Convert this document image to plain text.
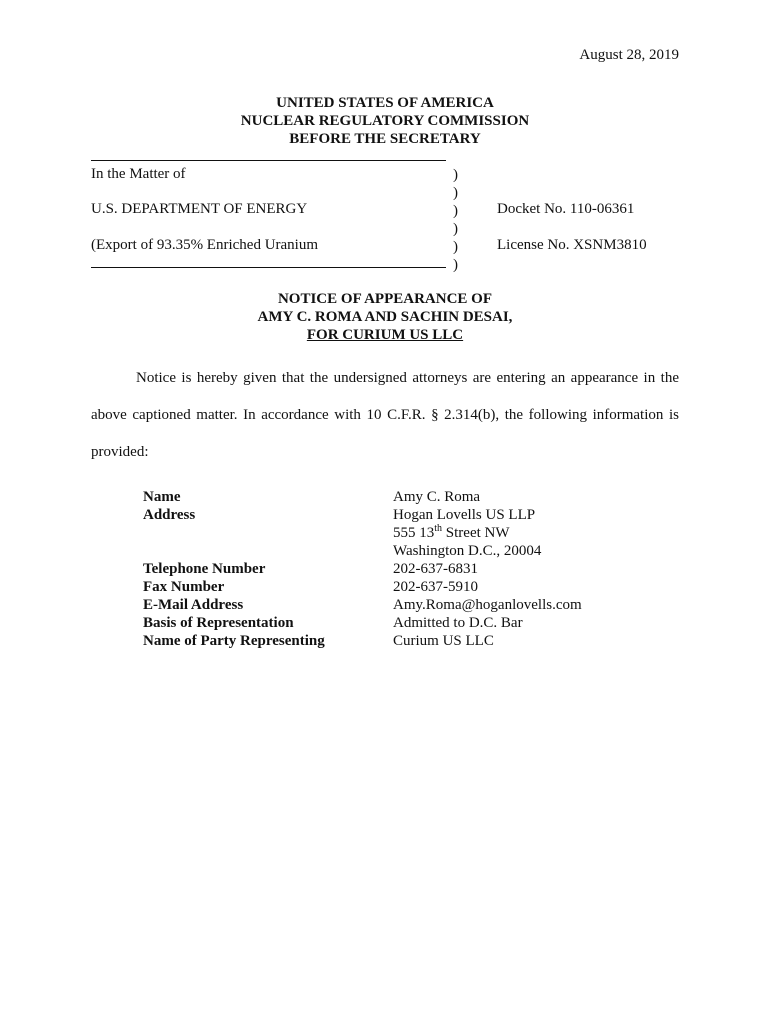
August 28, 2019
UNITED STATES OF AMERICA
NUCLEAR REGULATORY COMMISSION
BEFORE THE SECRETARY
In the Matter of
U.S. DEPARTMENT OF ENERGY
(Export of 93.35% Enriched Uranium
)
)
)
)
)
)
Docket No. 110-06361
License No. XSNM3810
NOTICE OF APPEARANCE OF
AMY C. ROMA AND SACHIN DESAI,
FOR CURIUM US LLC

Notice is hereby given that the undersigned attorneys are entering an appearance in the above captioned matter. In accordance with 10 C.F.R. § 2.314(b), the following information is provided:

Name	Amy C. Roma
Address	Hogan Lovells US LLP
555 13th Street NW
Washington D.C., 20004
Telephone Number	202-637-6831
Fax Number	202-637-5910
E-Mail Address	Amy.Roma@hoganlovells.com
Basis of Representation	Admitted to D.C. Bar
Name of Party Representing	Curium US LLC
